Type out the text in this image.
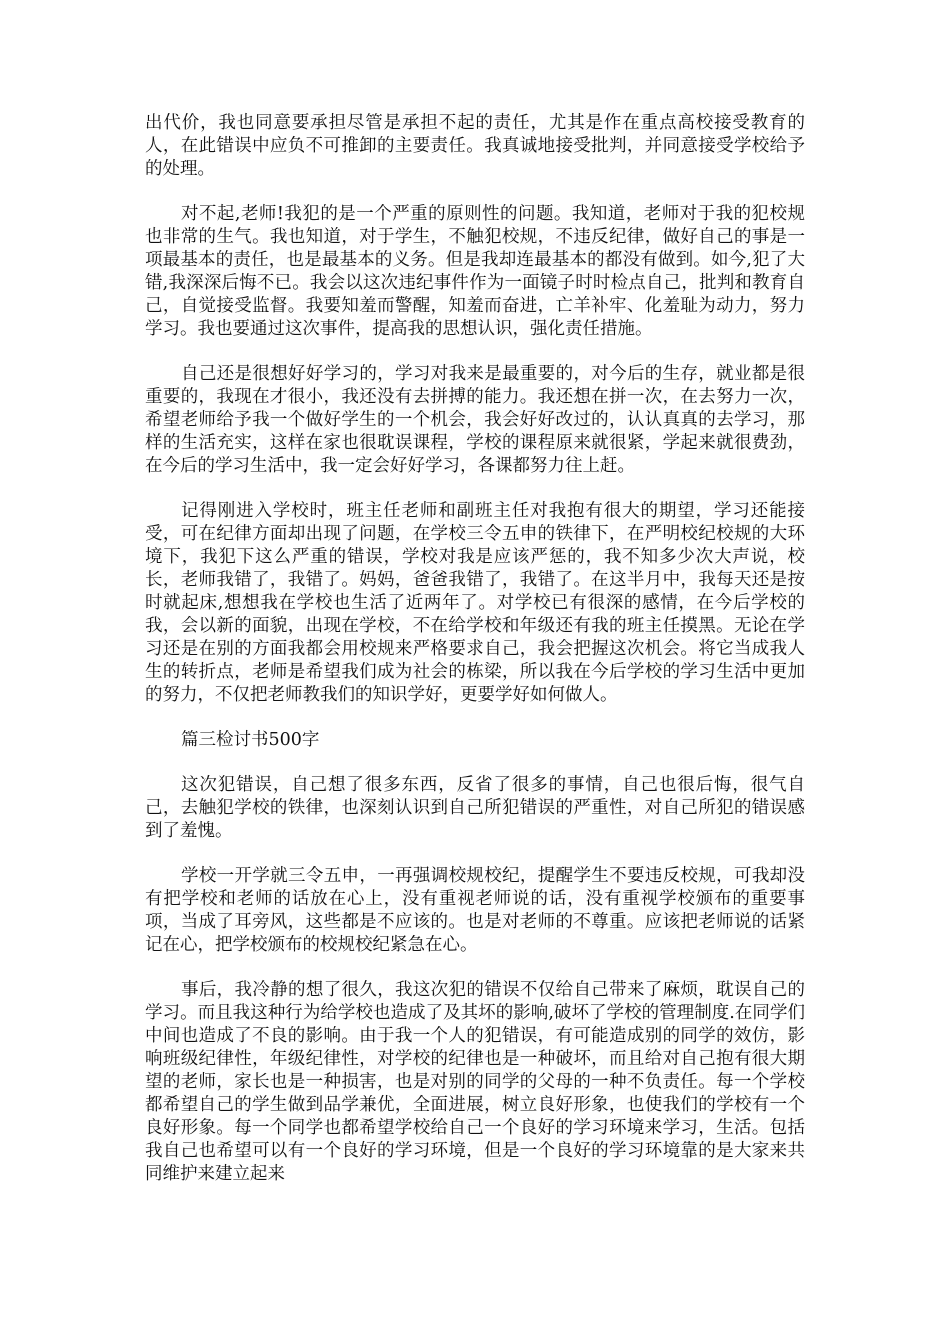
出代价，我也同意要承担尽管是承担不起的责任，尤其是作在重点高校接受教育的人，在此错误中应负不可推卸的主要责任。我真诚地接受批判，并同意接受学校给予的处理。

对不起,老师!我犯的是一个严重的原则性的问题。我知道，老师对于我的犯校规也非常的生气。我也知道，对于学生，不触犯校规，不违反纪律，做好自己的事是一项最基本的责任，也是最基本的义务。但是我却连最基本的都没有做到。如今,犯了大错,我深深后悔不已。我会以这次违纪事件作为一面镜子时时检点自己，批判和教育自己，自觉接受监督。我要知羞而警醒，知羞而奋进，亡羊补牢、化羞耻为动力，努力学习。我也要通过这次事件，提高我的思想认识，强化责任措施。

自己还是很想好好学习的，学习对我来是最重要的，对今后的生存，就业都是很重要的，我现在才很小，我还没有去拼搏的能力。我还想在拼一次，在去努力一次，希望老师给予我一个做好学生的一个机会，我会好好改过的，认认真真的去学习，那样的生活充实，这样在家也很耽误课程，学校的课程原来就很紧，学起来就很费劲，在今后的学习生活中，我一定会好好学习，各课都努力往上赶。

记得刚进入学校时，班主任老师和副班主任对我抱有很大的期望，学习还能接受，可在纪律方面却出现了问题，在学校三令五申的铁律下，在严明校纪校规的大环境下，我犯下这么严重的错误，学校对我是应该严惩的，我不知多少次大声说，校长，老师我错了，我错了。妈妈，爸爸我错了，我错了。在这半月中，我每天还是按时就起床,想想我在学校也生活了近两年了。对学校已有很深的感情，在今后学校的我，会以新的面貌，出现在学校，不在给学校和年级还有我的班主任摸黑。无论在学习还是在别的方面我都会用校规来严格要求自己，我会把握这次机会。将它当成我人生的转折点，老师是希望我们成为社会的栋梁，所以我在今后学校的学习生活中更加的努力，不仅把老师教我们的知识学好，更要学好如何做人。

篇三检讨书500字

这次犯错误，自己想了很多东西，反省了很多的事情，自己也很后悔，很气自己，去触犯学校的铁律，也深刻认识到自己所犯错误的严重性，对自己所犯的错误感到了羞愧。

学校一开学就三令五申，一再强调校规校纪，提醒学生不要违反校规，可我却没有把学校和老师的话放在心上，没有重视老师说的话，没有重视学校颁布的重要事项，当成了耳旁风，这些都是不应该的。也是对老师的不尊重。应该把老师说的话紧记在心，把学校颁布的校规校纪紧急在心。

事后，我冷静的想了很久，我这次犯的错误不仅给自己带来了麻烦，耽误自己的学习。而且我这种行为给学校也造成了及其坏的影响,破坏了学校的管理制度.在同学们中间也造成了不良的影响。由于我一个人的犯错误，有可能造成别的同学的效仿，影响班级纪律性，年级纪律性，对学校的纪律也是一种破坏，而且给对自己抱有很大期望的老师，家长也是一种损害，也是对别的同学的父母的一种不负责任。每一个学校都希望自己的学生做到品学兼优，全面进展，树立良好形象，也使我们的学校有一个良好形象。每一个同学也都希望学校给自己一个良好的学习环境来学习，生活。包括我自己也希望可以有一个良好的学习环境，但是一个良好的学习环境靠的是大家来共同维护来建立起来
